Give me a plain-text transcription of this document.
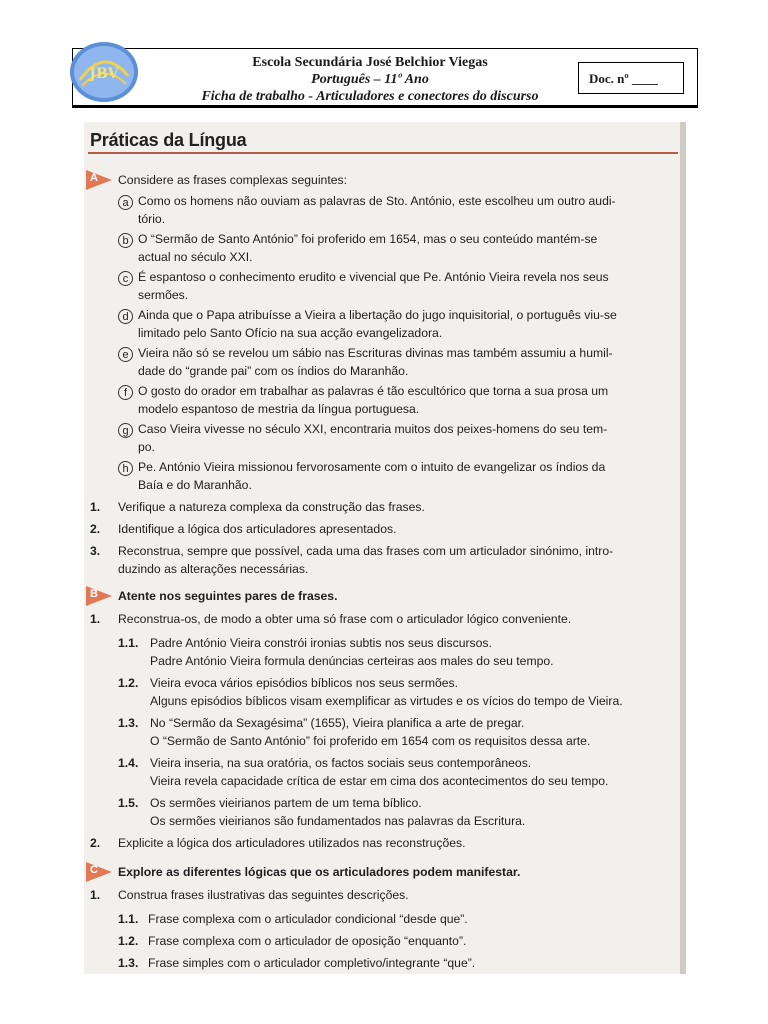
JBV
Escola Secundária José Belchior Viegas
Português – 11º Ano
Ficha de trabalho - Articuladores e conectores do discurso
Doc. nº ____
Práticas da Língua
A Considere as frases complexas seguintes:
a Como os homens não ouviam as palavras de Sto. António, este escolheu um outro audi-
tório.
b O “Sermão de Santo António” foi proferido em 1654, mas o seu conteúdo mantém-se
actual no século XXI.
c É espantoso o conhecimento erudito e vivencial que Pe. António Vieira revela nos seus
sermões.
d Ainda que o Papa atribuísse a Vieira a libertação do jugo inquisitorial, o português viu-se
limitado pelo Santo Ofício na sua acção evangelizadora.
e Vieira não só se revelou um sábio nas Escrituras divinas mas também assumiu a humil-
dade do “grande pai” com os índios do Maranhão.
f O gosto do orador em trabalhar as palavras é tão escultórico que torna a sua prosa um
modelo espantoso de mestria da língua portuguesa.
g Caso Vieira vivesse no século XXI, encontraria muitos dos peixes-homens do seu tem-
po.
h Pe. António Vieira missionou fervorosamente com o intuito de evangelizar os índios da
Baía e do Maranhão.
1. Verifique a natureza complexa da construção das frases.
2. Identifique a lógica dos articuladores apresentados.
3. Reconstrua, sempre que possível, cada uma das frases com um articulador sinónimo, intro-
duzindo as alterações necessárias.
B Atente nos seguintes pares de frases.
1. Reconstrua-os, de modo a obter uma só frase com o articulador lógico conveniente.
1.1. Padre António Vieira constrói ironias subtis nos seus discursos.
Padre António Vieira formula denúncias certeiras aos males do seu tempo.
1.2. Vieira evoca vários episódios bíblicos nos seus sermões.
Alguns episódios bíblicos visam exemplificar as virtudes e os vícios do tempo de Vieira.
1.3. No “Sermão da Sexagésima” (1655), Vieira planifica a arte de pregar.
O “Sermão de Santo António” foi proferido em 1654 com os requisitos dessa arte.
1.4. Vieira inseria, na sua oratória, os factos sociais seus contemporâneos.
Vieira revela capacidade crítica de estar em cima dos acontecimentos do seu tempo.
1.5. Os sermões vieirianos partem de um tema bíblico.
Os sermões vieirianos são fundamentados nas palavras da Escritura.
2. Explicite a lógica dos articuladores utilizados nas reconstruções.
C Explore as diferentes lógicas que os articuladores podem manifestar.
1. Construa frases ilustrativas das seguintes descrições.
1.1. Frase complexa com o articulador condicional “desde que”.
1.2. Frase complexa com o articulador de oposição “enquanto”.
1.3. Frase simples com o articulador completivo/integrante “que”.
